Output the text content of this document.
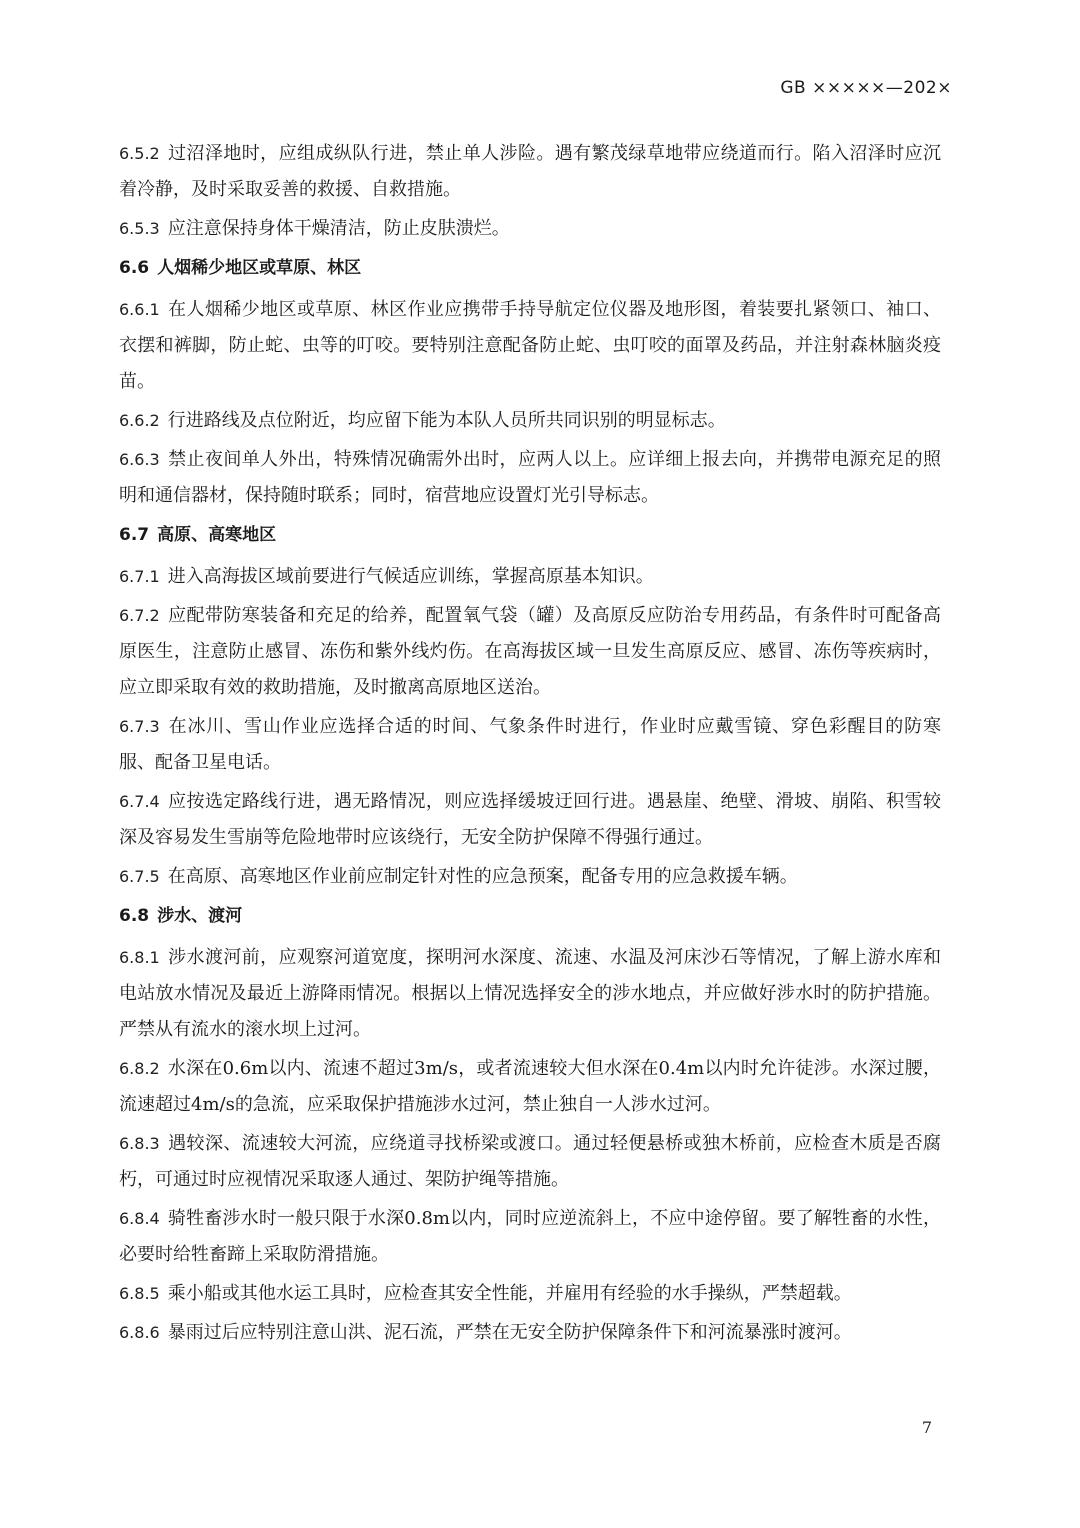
GB ×××××—202×

6.5.2 过沼泽地时，应组成纵队行进，禁止单人涉险。遇有繁茂绿草地带应绕道而行。陷入沼泽时应沉着冷静，及时采取妥善的救援、自救措施。

6.5.3 应注意保持身体干燥清洁，防止皮肤溃烂。

6.6 人烟稀少地区或草原、林区

6.6.1 在人烟稀少地区或草原、林区作业应携带手持导航定位仪器及地形图，着装要扎紧领口、袖口、衣摆和裤脚，防止蛇、虫等的叮咬。要特别注意配备防止蛇、虫叮咬的面罩及药品，并注射森林脑炎疫苗。

6.6.2 行进路线及点位附近，均应留下能为本队人员所共同识别的明显标志。

6.6.3 禁止夜间单人外出，特殊情况确需外出时，应两人以上。应详细上报去向，并携带电源充足的照明和通信器材，保持随时联系；同时，宿营地应设置灯光引导标志。

6.7 高原、高寒地区

6.7.1 进入高海拔区域前要进行气候适应训练，掌握高原基本知识。

6.7.2 应配带防寒装备和充足的给养，配置氧气袋（罐）及高原反应防治专用药品，有条件时可配备高原医生，注意防止感冒、冻伤和紫外线灼伤。在高海拔区域一旦发生高原反应、感冒、冻伤等疾病时，应立即采取有效的救助措施，及时撤离高原地区送治。

6.7.3 在冰川、雪山作业应选择合适的时间、气象条件时进行，作业时应戴雪镜、穿色彩醒目的防寒服、配备卫星电话。

6.7.4 应按选定路线行进，遇无路情况，则应选择缓坡迂回行进。遇悬崖、绝壁、滑坡、崩陷、积雪较深及容易发生雪崩等危险地带时应该绕行，无安全防护保障不得强行通过。

6.7.5 在高原、高寒地区作业前应制定针对性的应急预案，配备专用的应急救援车辆。

6.8 涉水、渡河

6.8.1 涉水渡河前，应观察河道宽度，探明河水深度、流速、水温及河床沙石等情况，了解上游水库和电站放水情况及最近上游降雨情况。根据以上情况选择安全的涉水地点，并应做好涉水时的防护措施。严禁从有流水的滚水坝上过河。

6.8.2 水深在0.6m以内、流速不超过3m/s，或者流速较大但水深在0.4m以内时允许徒涉。水深过腰，流速超过4m/s的急流，应采取保护措施涉水过河，禁止独自一人涉水过河。

6.8.3 遇较深、流速较大河流，应绕道寻找桥梁或渡口。通过轻便悬桥或独木桥前，应检查木质是否腐朽，可通过时应视情况采取逐人通过、架防护绳等措施。

6.8.4 骑牲畜涉水时一般只限于水深0.8m以内，同时应逆流斜上，不应中途停留。要了解牲畜的水性，必要时给牲畜蹄上采取防滑措施。

6.8.5 乘小船或其他水运工具时，应检查其安全性能，并雇用有经验的水手操纵，严禁超载。

6.8.6 暴雨过后应特别注意山洪、泥石流，严禁在无安全防护保障条件下和河流暴涨时渡河。

7
